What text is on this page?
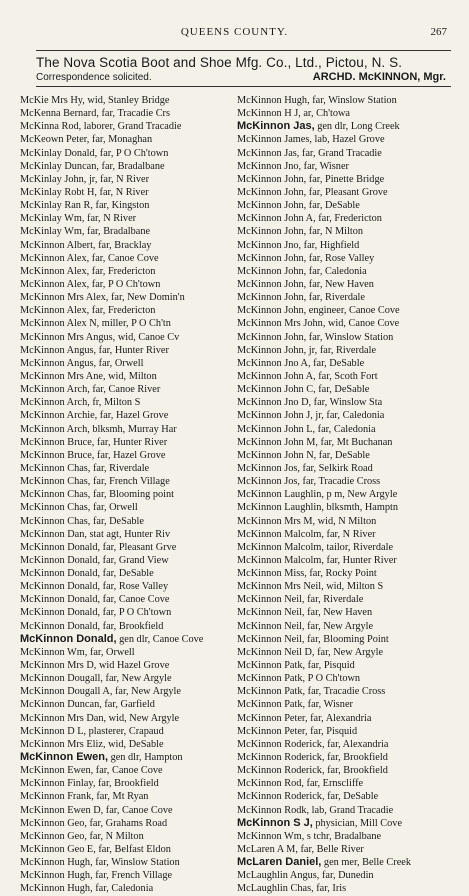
QUEENS COUNTY.	267
The Nova Scotia Boot and Shoe Mfg. Co., Ltd., Pictou, N. S.
Correspondence solicited.	ARCHD. McKINNON, Mgr.
McKie Mrs Hy, wid, Stanley Bridge
McKenna Bernard, far, Tracadie Crs
McKinna Rod, laborer, Grand Tracadie
McKeown Peter, far, Monaghan
McKinlay Donald, far, P O Ch'town
McKinlay Duncan, far, Bradalbane
McKinlay John, jr, far, N River
McKinlay Robt H, far, N River
McKinlay Ran R, far, Kingston
McKinlay Wm, far, N River
McKinlay Wm, far, Bradalbane
McKinnon Albert, far, Bracklay
McKinnon Alex, far, Canoe Cove
McKinnon Alex, far, Fredericton
McKinnon Alex, far, P O Ch'town
McKinnon Mrs Alex, far, New Domin'n
McKinnon Alex, far, Fredericton
McKinnon Alex N, miller, P O Ch'tn
McKinnon Mrs Angus, wid, Canoe Cv
McKinnon Angus, far, Hunter River
McKinnon Angus, far, Orwell
McKinnon Mrs Ane, wid, Milton
McKinnon Arch, far, Canoe River
McKinnon Arch, fr, Milton S
McKinnon Archie, far, Hazel Grove
McKinnon Arch, blksmh, Murray Har
McKinnon Bruce, far, Hunter River
McKinnon Bruce, far, Hazel Grove
McKinnon Chas, far, Riverdale
McKinnon Chas, far, French Village
McKinnon Chas, far, Blooming point
McKinnon Chas, far, Orwell
McKinnon Chas, far, DeSable
McKinnon Dan, stat agt, Hunter Riv
McKinnon Donald, far, Pleasant Grve
McKinnon Donald, far, Grand View
McKinnon Donald, far, DeSable
McKinnon Donald, far, Rose Valley
McKinnon Donald, far, Canoe Cove
McKinnon Donald, far, P O Ch'town
McKinnon Donald, far, Brookfield
McKinnon Donald, gen dlr, Canoe Cove
McKinnon Wm, far, Orwell
McKinnon Mrs D, wid Hazel Grove
McKinnon Dougall, far, New Argyle
McKinnon Dougall A, far, New Argyle
McKinnon Duncan, far, Garfield
McKinnon Mrs Dan, wid, New Argyle
McKinnon D L, plasterer, Crapaud
McKinnon Mrs Eliz, wid, DeSable
McKinnon Ewen, gen dlr, Hampton
McKinnon Ewen, far, Canoe Cove
McKinnon Finlay, far, Brookfield
McKinnon Frank, far, Mt Ryan
McKinnon Ewen D, far, Canoe Cove
McKinnon Geo, far, Grahams Road
McKinnon Geo, far, N Milton
McKinnon Geo E, far, Belfast Eldon
McKinnon Hugh, far, Winslow Station
McKinnon Hugh, far, French Village
McKinnon Hugh, far, Caledonia
McKinnon Hugh, far, Winslow Station
McKinnon H J, ar, Ch'towa
McKinnon Jas, gen dlr, Long Creek
McKinnon James, lab, Hazel Grove
McKinnon Jas, far, Grand Tracadie
McKinnon Jno, far, Wisner
McKinnon John, far, Pinette Bridge
McKinnon John, far, Pleasant Grove
McKinnon John, far, DeSable
McKinnon John A, far, Fredericton
McKinnon John, far, N Milton
McKinnon Jno, far, Highfield
McKinnon John, far, Rose Valley
McKinnon John, far, Caledonia
McKinnon John, far, New Haven
McKinnon John, far, Riverdale
McKinnon John, engineer, Canoe Cove
McKinnon Mrs John, wid, Canoe Cove
McKinnon John, far, Winslow Station
McKinnon John, jr, far, Riverdale
McKinnon Jno A, far, DeSable
McKinnon John A, far, Scoth Fort
McKinnon John C, far, DeSable
McKinnon Jno D, far, Winslow Sta
McKinnon John J, jr, far, Caledonia
McKinnon John L, far, Caledonia
McKinnon John M, far, Mt Buchanan
McKinnon John N, far, DeSable
McKinnon Jos, far, Selkirk Road
McKinnon Jos, far, Tracadie Cross
McKinnon Laughlin, p m, New Argyle
McKinnon Laughlin, blksmth, Hamptn
McKinnon Mrs M, wid, N Milton
McKinnon Malcolm, far, N River
McKinnon Malcolm, tailor, Riverdale
McKinnon Malcolm, far, Hunter River
McKinnon Miss, far, Rocky Point
McKinnon Mrs Neil, wid, Milton S
McKinnon Neil, far, Riverdale
McKinnon Neil, far, New Haven
McKinnon Neil, far, New Argyle
McKinnon Neil, far, Blooming Point
McKinnon Neil D, far, New Argyle
McKinnon Patk, far, Pisquid
McKinnon Patk, P O Ch'town
McKinnon Patk, far, Tracadie Cross
McKinnon Patk, far, Wisner
McKinnon Peter, far, Alexandria
McKinnon Peter, far, Pisquid
McKinnon Roderick, far, Alexandria
McKinnon Roderick, far, Brookfield
McKinnon Roderick, far, Brookfield
McKinnon Rod, far, Ernscliffe
McKinnon Roderick, far, DeSable
McKinnon Rodk, lab, Grand Tracadie
McKinnon S J, physician, Mill Cove
McKinnon Wm, s tchr, Bradalbane
McLaren A M, far, Belle River
McLaren Daniel, gen mer, Belle Creek
McLaughlin Angus, far, Dunedin
McLaughlin Chas, far, Iris
